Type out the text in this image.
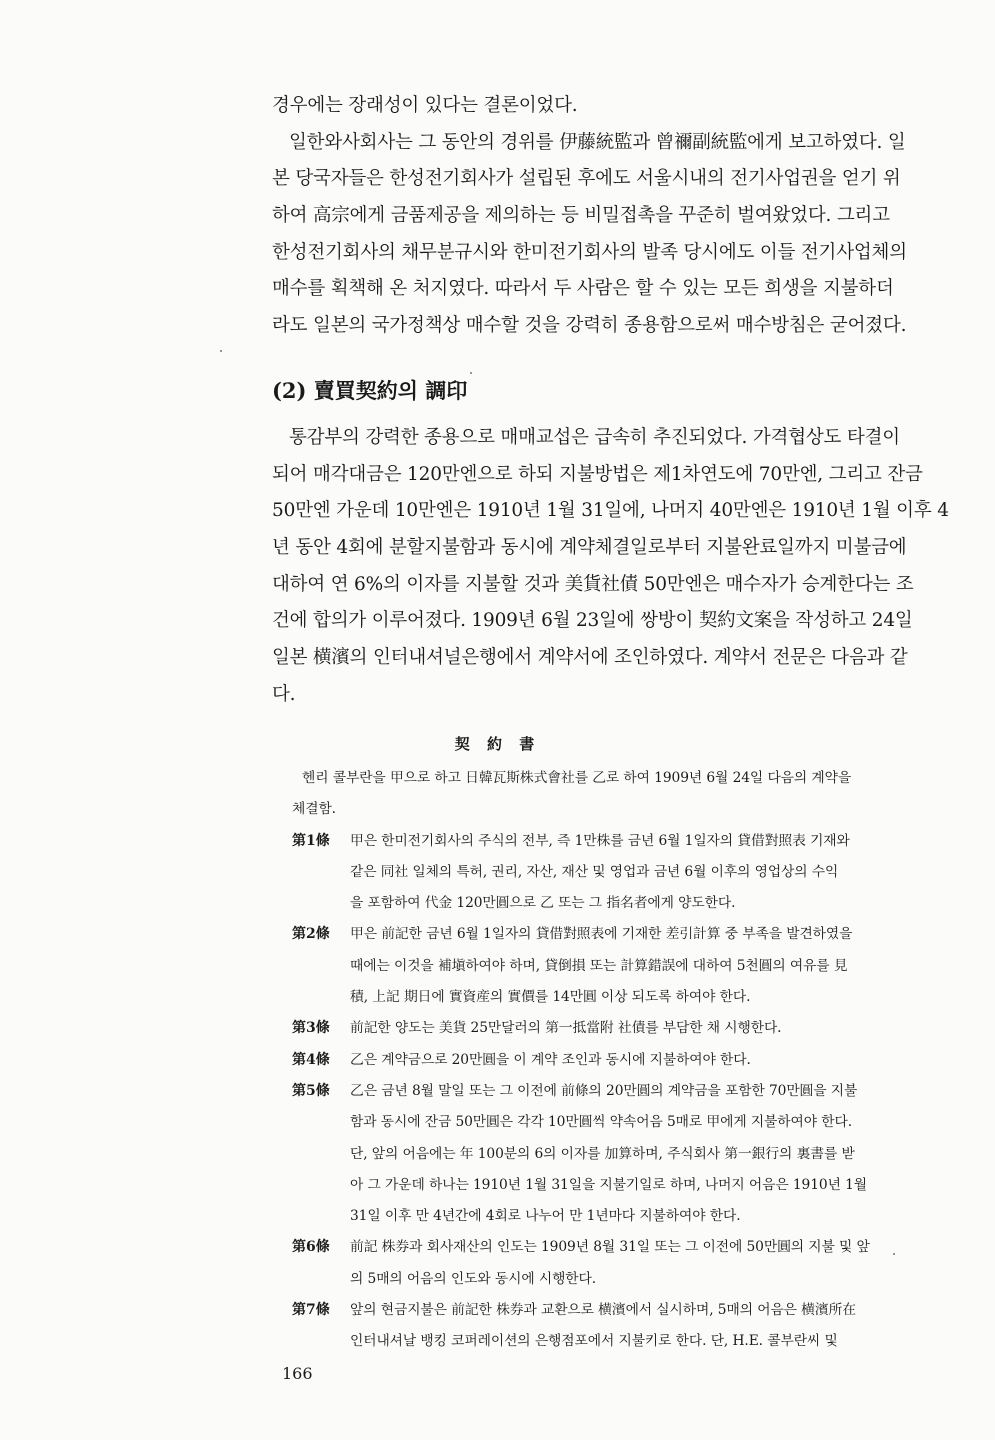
경우에는 장래성이 있다는 결론이었다.
일한와사회사는 그 동안의 경위를 伊藤統監과 曾禰副統監에게 보고하였다. 일
본 당국자들은 한성전기회사가 설립된 후에도 서울시내의 전기사업권을 얻기 위
하여 高宗에게 금품제공을 제의하는 등 비밀접촉을 꾸준히 벌여왔었다. 그리고
한성전기회사의 채무분규시와 한미전기회사의 발족 당시에도 이들 전기사업체의
매수를 획책해 온 처지였다. 따라서 두 사람은 할 수 있는 모든 희생을 지불하더
라도 일본의 국가정책상 매수할 것을 강력히 종용함으로써 매수방침은 굳어졌다.
(2) 賣買契約의 調印
통감부의 강력한 종용으로 매매교섭은 급속히 추진되었다. 가격협상도 타결이
되어 매각대금은 120만엔으로 하되 지불방법은 제1차연도에 70만엔, 그리고 잔금
50만엔 가운데 10만엔은 1910년 1월 31일에, 나머지 40만엔은 1910년 1월 이후 4
년 동안 4회에 분할지불함과 동시에 계약체결일로부터 지불완료일까지 미불금에
대하여 연 6%의 이자를 지불할 것과 美貨社債 50만엔은 매수자가 승계한다는 조
건에 합의가 이루어졌다. 1909년 6월 23일에 쌍방이 契約文案을 작성하고 24일
일본 横濱의 인터내셔널은행에서 계약서에 조인하였다. 계약서 전문은 다음과 같
다.
契 約 書
헨리 콜부란을 甲으로 하고 日韓瓦斯株式會社를 乙로 하여 1909년 6월 24일 다음의 계약을
체결함.
第1條	甲은 한미전기회사의 주식의 전부, 즉 1만株를 금년 6월 1일자의 貸借對照表 기재와
같은 同社 일체의 특허, 권리, 자산, 재산 및 영업과 금년 6월 이후의 영업상의 수익
을 포함하여 代金 120만圓으로 乙 또는 그 指名者에게 양도한다.
第2條	甲은 前記한 금년 6월 1일자의 貸借對照表에 기재한 差引計算 중 부족을 발견하였을
때에는 이것을 補塡하여야 하며, 貸倒損 또는 計算錯誤에 대하여 5천圓의 여유를 見
積, 上記 期日에 實資産의 實價를 14만圓 이상 되도록 하여야 한다.
第3條	前記한 양도는 美貨 25만달러의 第一抵當附 社債를 부담한 채 시행한다.
第4條	乙은 계약금으로 20만圓을 이 계약 조인과 동시에 지불하여야 한다.
第5條	乙은 금년 8월 말일 또는 그 이전에 前條의 20만圓의 계약금을 포함한 70만圓을 지불
함과 동시에 잔금 50만圓은 각각 10만圓씩 약속어음 5매로 甲에게 지불하여야 한다.
단, 앞의 어음에는 年 100분의 6의 이자를 加算하며, 주식회사 第一銀行의 裏書를 받
아 그 가운데 하나는 1910년 1월 31일을 지불기일로 하며, 나머지 어음은 1910년 1월
31일 이후 만 4년간에 4회로 나누어 만 1년마다 지불하여야 한다.
第6條	前記 株券과 회사재산의 인도는 1909년 8월 31일 또는 그 이전에 50만圓의 지불 및 앞
의 5매의 어음의 인도와 동시에 시행한다.
第7條	앞의 현금지불은 前記한 株券과 교환으로 横濱에서 실시하며, 5매의 어음은 横濱所在
인터내셔날 뱅킹 코퍼레이션의 은행점포에서 지불키로 한다. 단, H.E. 콜부란씨 및
166
